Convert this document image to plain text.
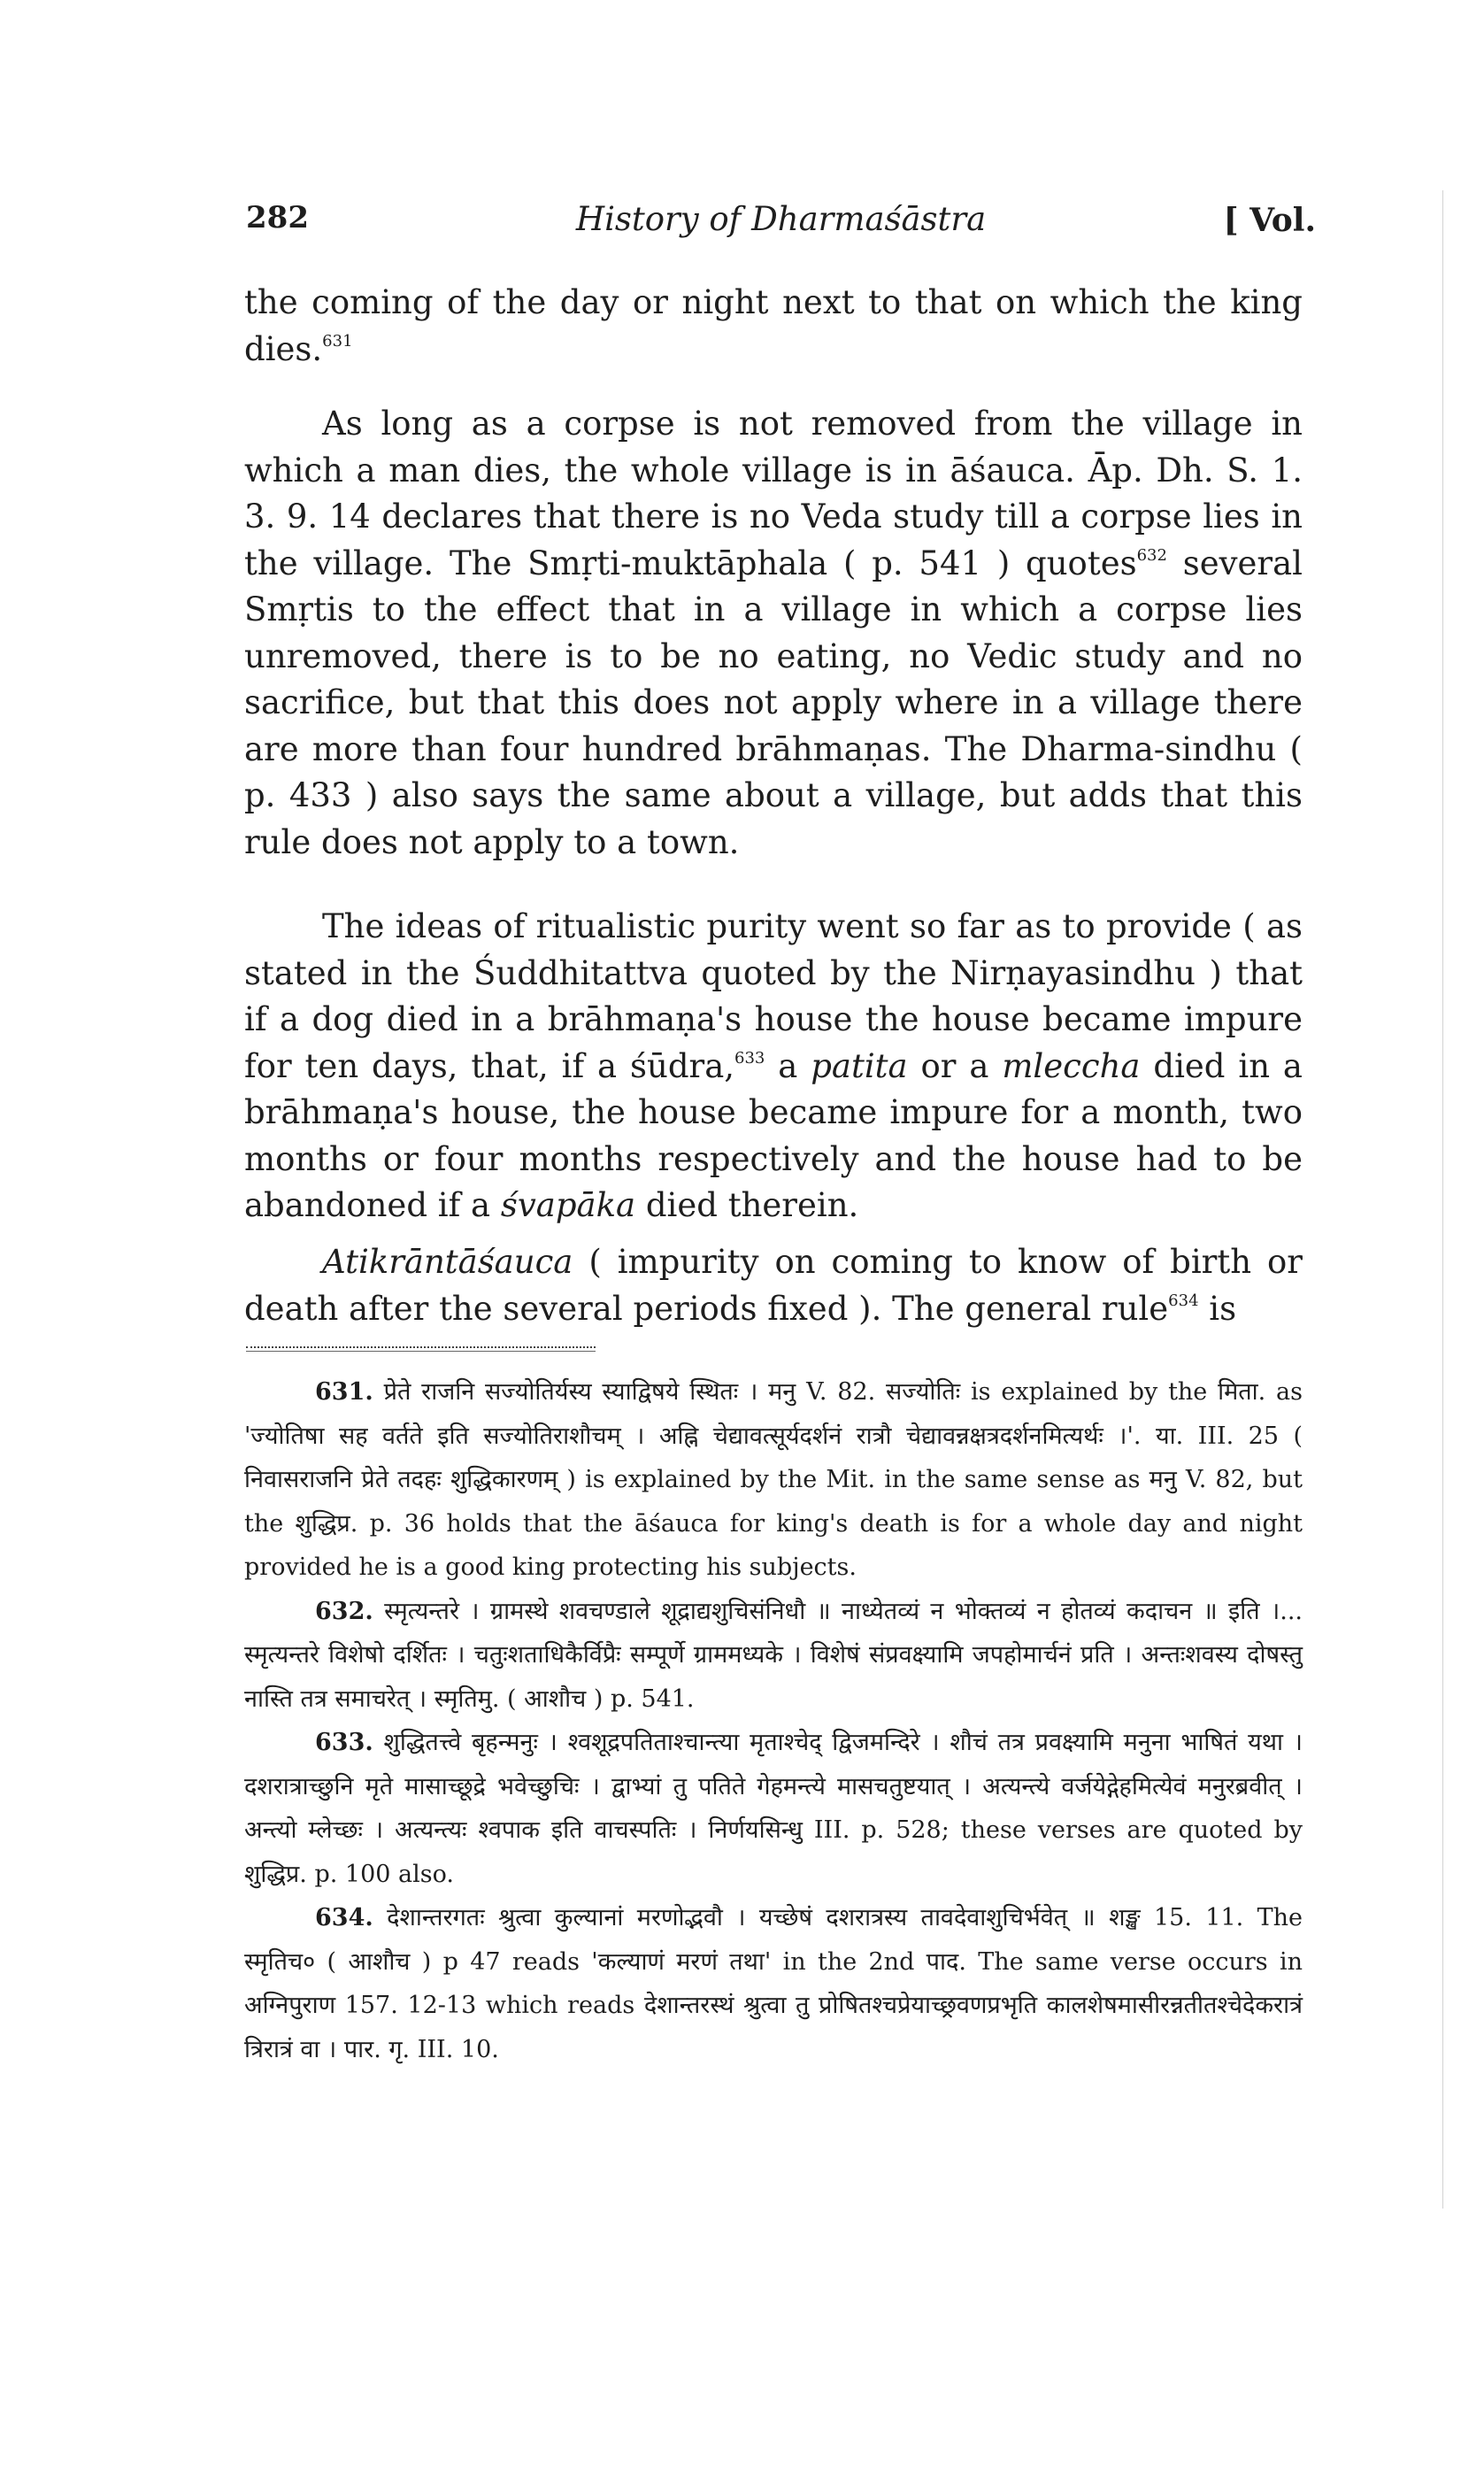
282	History of Dharmaśāstra	[ Vol.
the coming of the day or night next to that on which the king dies.$^{631}$
As long as a corpse is not removed from the village in which a man dies, the whole village is in āśauca. Āp. Dh. S. 1. 3. 9. 14 declares that there is no Veda study till a corpse lies in the village. The Smṛti-muktāphala ( p. 541 ) quotes$^{632}$ several Smṛtis to the effect that in a village in which a corpse lies unremoved, there is to be no eating, no Vedic study and no sacrifice, but that this does not apply where in a village there are more than four hundred brāhmaṇas. The Dharma-sindhu ( p. 433 ) also says the same about a village, but adds that this rule does not apply to a town.
The ideas of ritualistic purity went so far as to provide ( as stated in the Śuddhitattva quoted by the Nirṇayasindhu ) that if a dog died in a brāhmaṇa's house the house became impure for ten days, that, if a śūdra,$^{633}$ a patita or a mleccha died in a brāhmaṇa's house, the house became impure for a month, two months or four months respectively and the house had to be abandoned if a śvapāka died therein.
Atikrāntāśauca ( impurity on coming to know of birth or death after the several periods fixed ). The general rule$^{634}$ is

631. प्रेते राजनि सज्योतिर्यस्य स्याद्विषये स्थितः । मनु V. 82. सज्योतिः is explained by the मिता. as 'ज्योतिषा सह वर्तते इति सज्योतिराशौचम् । अह्नि चेद्यावत्सूर्यदर्शनं रात्रौ चेद्यावन्नक्षत्रदर्शनमित्यर्थः ।'. या. III. 25 ( निवासराजनि प्रेते तदहः शुद्धिकारणम् ) is explained by the Mit. in the same sense as मनु V. 82, but the शुद्धिप्र. p. 36 holds that the āśauca for king's death is for a whole day and night provided he is a good king protecting his subjects.

632. स्मृत्यन्तरे । ग्रामस्थे शवचण्डाले शूद्राद्यशुचिसंनिधौ ॥ नाध्येतव्यं न भोक्तव्यं न होतव्यं कदाचन ॥ इति ।... स्मृत्यन्तरे विशेषो दर्शितः । चतुःशताधिकैर्विप्रैः सम्पूर्णे ग्राममध्यके । विशेषं संप्रवक्ष्यामि जपहोमार्चनं प्रति । अन्तःशवस्य दोषस्तु नास्ति तत्र समाचरेत् । स्मृतिमु. ( आशौच ) p. 541.

633. शुद्धितत्त्वे बृहन्मनुः । श्वशूद्रपतिताश्चान्त्या मृताश्चेद् द्विजमन्दिरे । शौचं तत्र प्रवक्ष्यामि मनुना भाषितं यथा । दशरात्राच्छुनि मृते मासाच्छूद्रे भवेच्छुचिः । द्वाभ्यां तु पतिते गेहमन्त्ये मासचतुष्टयात् । अत्यन्त्ये वर्जयेद्गेहमित्येवं मनुरब्रवीत् । अन्त्यो म्लेच्छः । अत्यन्त्यः श्वपाक इति वाचस्पतिः । निर्णयसिन्धु III. p. 528; these verses are quoted by शुद्धिप्र. p. 100 also.

634. देशान्तरगतः श्रुत्वा कुल्यानां मरणोद्भवौ । यच्छेषं दशरात्रस्य तावदेवाशुचिर्भवेत् ॥ शङ्ख 15. 11. The स्मृतिच० ( आशौच ) p 47 reads 'कल्याणं मरणं तथा' in the 2nd पाद. The same verse occurs in अग्निपुराण 157. 12-13 which reads देशान्तरस्थं श्रुत्वा तु प्रोषितश्चप्रेयाच्छ्रवणप्रभृति कालशेषमासीरन्नतीतश्चेदेकरात्रं त्रिरात्रं वा । पार. गृ. III. 10.
